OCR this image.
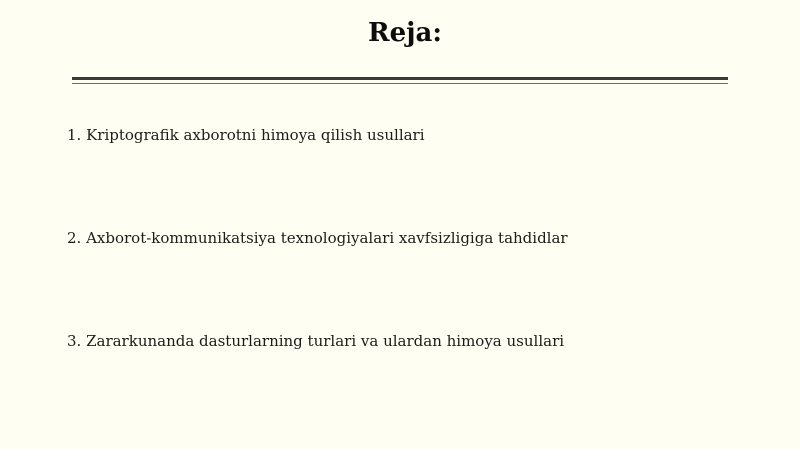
Reja:
1. Kriptografik axborotni himoya qilish usullari
2. Axborot-kommunikatsiya texnologiyalari xavfsizligiga tahdidlar
3. Zararkunanda dasturlarning turlari va ulardan himoya usullari
